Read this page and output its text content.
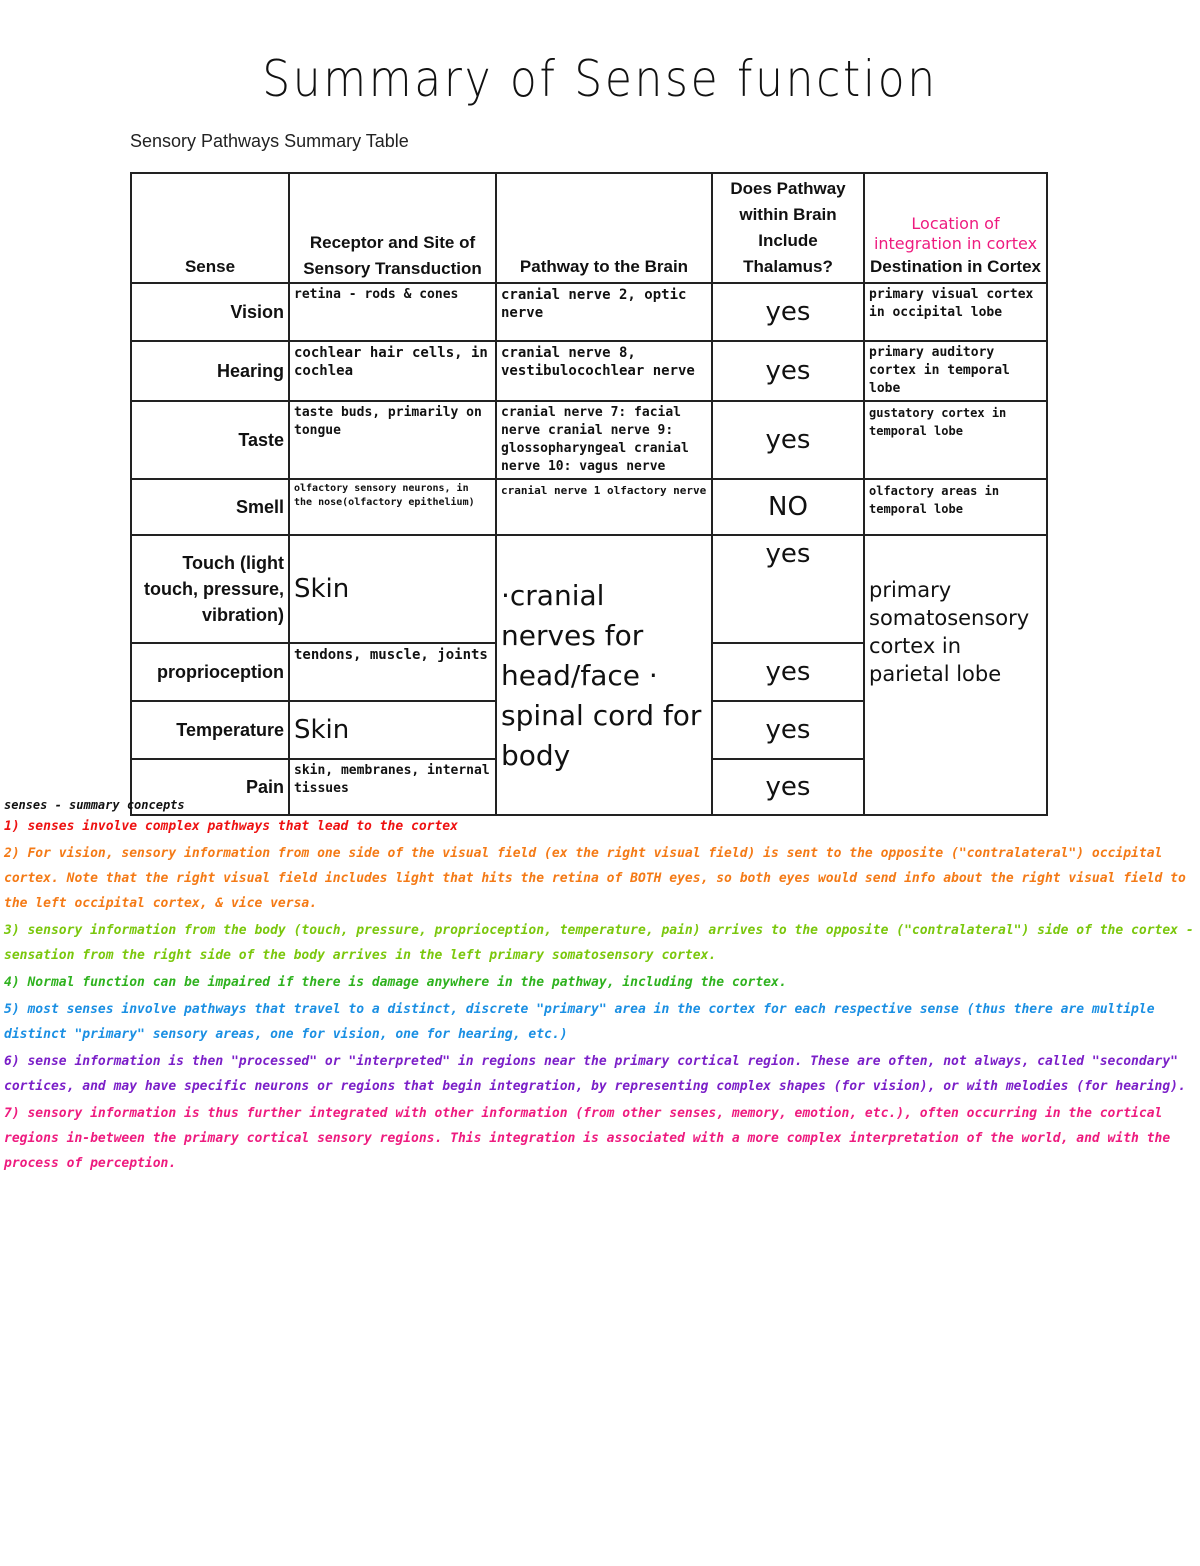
Summary of Sense function
Sensory Pathways Summary Table
Sense	Receptor and Site of Sensory Transduction	Pathway to the Brain	Does Pathway within Brain Include Thalamus?	Location of integration in cortex
Destination in Cortex
Vision	retina - rods & cones	cranial nerve 2, optic nerve	yes	primary visual cortex in occipital lobe
Hearing	cochlear hair cells, in cochlea	cranial nerve 8, vestibulocochlear nerve	yes	primary auditory cortex in temporal lobe
Taste	taste buds, primarily on tongue	cranial nerve 7: facial nerve cranial nerve 9: glossopharyngeal cranial nerve 10: vagus nerve	yes	gustatory cortex in temporal lobe
Smell	olfactory sensory neurons, in the nose(olfactory epithelium)	cranial nerve 1 olfactory nerve	NO	olfactory areas in temporal lobe
Touch (light touch, pressure, vibration)	Skin	·cranial nerves for head/face · spinal cord for body	yes	primary somatosensory cortex in parietal lobe
proprioception	tendons, muscle, joints		yes	
Temperature	Skin		yes	
Pain	skin, membranes, internal tissues		yes	
senses - summary concepts

1) senses involve complex pathways that lead to the cortex

2) For vision, sensory information from one side of the visual field (ex the right visual field) is sent to the opposite ("contralateral") occipital cortex. Note that the right visual field includes light that hits the retina of BOTH eyes, so both eyes would send info about the right visual field to the left occipital cortex, & vice versa.

3) sensory information from the body (touch, pressure, proprioception, temperature, pain) arrives to the opposite ("contralateral") side of the cortex - sensation from the right side of the body arrives in the left primary somatosensory cortex.

4) Normal function can be impaired if there is damage anywhere in the pathway, including the cortex.

5) most senses involve pathways that travel to a distinct, discrete "primary" area in the cortex for each respective sense (thus there are multiple distinct "primary" sensory areas, one for vision, one for hearing, etc.)

6) sense information is then "processed" or "interpreted" in regions near the primary cortical region. These are often, not always, called "secondary" cortices, and may have specific neurons or regions that begin integration, by representing complex shapes (for vision), or with melodies (for hearing).

7) sensory information is thus further integrated with other information (from other senses, memory, emotion, etc.), often occurring in the cortical regions in-between the primary cortical sensory regions. This integration is associated with a more complex interpretation of the world, and with the process of perception.
